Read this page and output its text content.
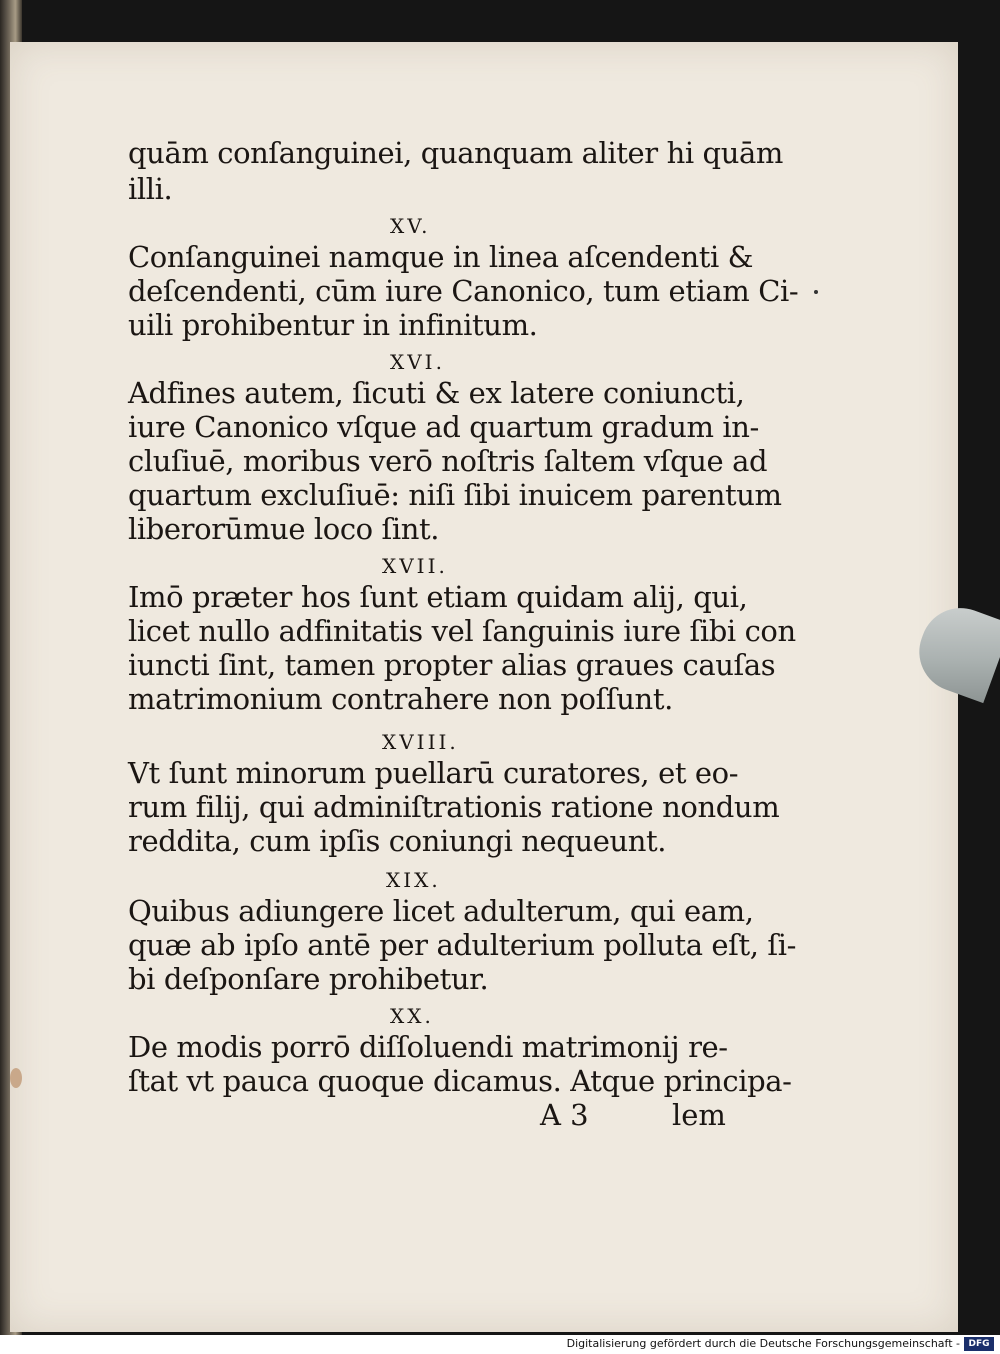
quām conſanguinei, quanquam aliter hi quām
illi.
XV.
Conſanguinei namque in linea aſcendenti &
deſcendenti, cūm iure Canonico, tum etiam Ci-
uili prohibentur in infinitum.
XVI.
Adfines autem, ſicuti & ex latere coniuncti,
iure Canonico vſque ad quartum gradum in-
cluſiuē, moribus verō noſtris ſaltem vſque ad
quartum excluſiuē: niſi ſibi inuicem parentum
liberorūmue loco ſint.
XVII.
Imō præter hos ſunt etiam quidam alij, qui,
licet nullo adfinitatis vel ſanguinis iure ſibi con
iuncti ſint, tamen propter alias graues cauſas
matrimonium contrahere non poſſunt.
XVIII.
Vt ſunt minorum puellarū curatores, et eo-
rum filij, qui adminiſtrationis ratione nondum
reddita, cum ipſis coniungi nequeunt.
XIX.
Quibus adiungere licet adulterum, qui eam,
quæ ab ipſo antē per adulterium polluta eſt, ſi-
bi deſponſare prohibetur.
XX.
De modis porrō diſſoluendi matrimonij re-
ſtat vt pauca quoque dicamus. Atque principa-
A 3	lem
Digitalisierung gefördert durch die Deutsche Forschungsgemeinschaft - DFG
